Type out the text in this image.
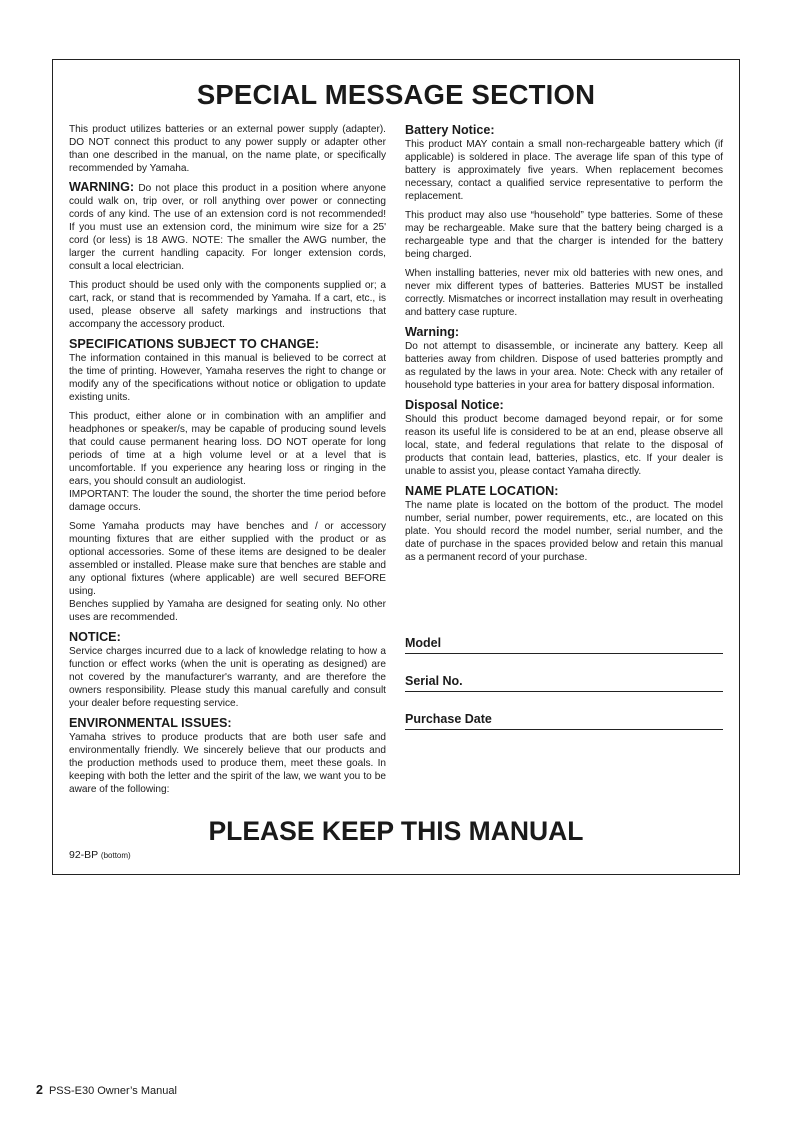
SPECIAL MESSAGE SECTION

This product utilizes batteries or an external power supply (adapter). DO NOT connect this product to any power supply or adapter other than one described in the manual, on the name plate, or specifically recommended by Yamaha.

WARNING: Do not place this product in a position where anyone could walk on, trip over, or roll anything over power or connecting cords of any kind. The use of an extension cord is not recommended! If you must use an extension cord, the minimum wire size for a 25' cord (or less) is 18 AWG. NOTE: The smaller the AWG number, the larger the current handling capacity. For longer extension cords, consult a local electrician.

This product should be used only with the components supplied or; a cart, rack, or stand that is recommended by Yamaha. If a cart, etc., is used, please observe all safety markings and instructions that accompany the accessory product.

SPECIFICATIONS SUBJECT TO CHANGE:

The information contained in this manual is believed to be correct at the time of printing. However, Yamaha reserves the right to change or modify any of the specifications without notice or obligation to update existing units.

This product, either alone or in combination with an amplifier and headphones or speaker/s, may be capable of producing sound levels that could cause permanent hearing loss. DO NOT operate for long periods of time at a high volume level or at a level that is uncomfortable. If you experience any hearing loss or ringing in the ears, you should consult an audiologist.

IMPORTANT: The louder the sound, the shorter the time period before damage occurs.

Some Yamaha products may have benches and / or accessory mounting fixtures that are either supplied with the product or as optional accessories. Some of these items are designed to be dealer assembled or installed. Please make sure that benches are stable and any optional fixtures (where applicable) are well secured BEFORE using.

Benches supplied by Yamaha are designed for seating only. No other uses are recommended.

NOTICE:

Service charges incurred due to a lack of knowledge relating to how a function or effect works (when the unit is operating as designed) are not covered by the manufacturer's warranty, and are therefore the owners responsibility. Please study this manual carefully and consult your dealer before requesting service.

ENVIRONMENTAL ISSUES:

Yamaha strives to produce products that are both user safe and environmentally friendly. We sincerely believe that our products and the production methods used to produce them, meet these goals. In keeping with both the letter and the spirit of the law, we want you to be aware of the following:

Battery Notice:

This product MAY contain a small non-rechargeable battery which (if applicable) is soldered in place. The average life span of this type of battery is approximately five years. When replacement becomes necessary, contact a qualified service representative to perform the replacement.

This product may also use “household” type batteries. Some of these may be rechargeable. Make sure that the battery being charged is a rechargeable type and that the charger is intended for the battery being charged.

When installing batteries, never mix old batteries with new ones, and never mix different types of batteries. Batteries MUST be installed correctly. Mismatches or incorrect installation may result in overheating and battery case rupture.

Warning:

Do not attempt to disassemble, or incinerate any battery. Keep all batteries away from children. Dispose of used batteries promptly and as regulated by the laws in your area. Note: Check with any retailer of household type batteries in your area for battery disposal information.

Disposal Notice:

Should this product become damaged beyond repair, or for some reason its useful life is considered to be at an end, please observe all local, state, and federal regulations that relate to the disposal of products that contain lead, batteries, plastics, etc. If your dealer is unable to assist you, please contact Yamaha directly.

NAME PLATE LOCATION:

The name plate is located on the bottom of the product. The model number, serial number, power requirements, etc., are located on this plate. You should record the model number, serial number, and the date of purchase in the spaces provided below and retain this manual as a permanent record of your purchase.

Model
Serial No.
Purchase Date
PLEASE KEEP THIS MANUAL
92-BP (bottom)
2 PSS-E30 Owner’s Manual
